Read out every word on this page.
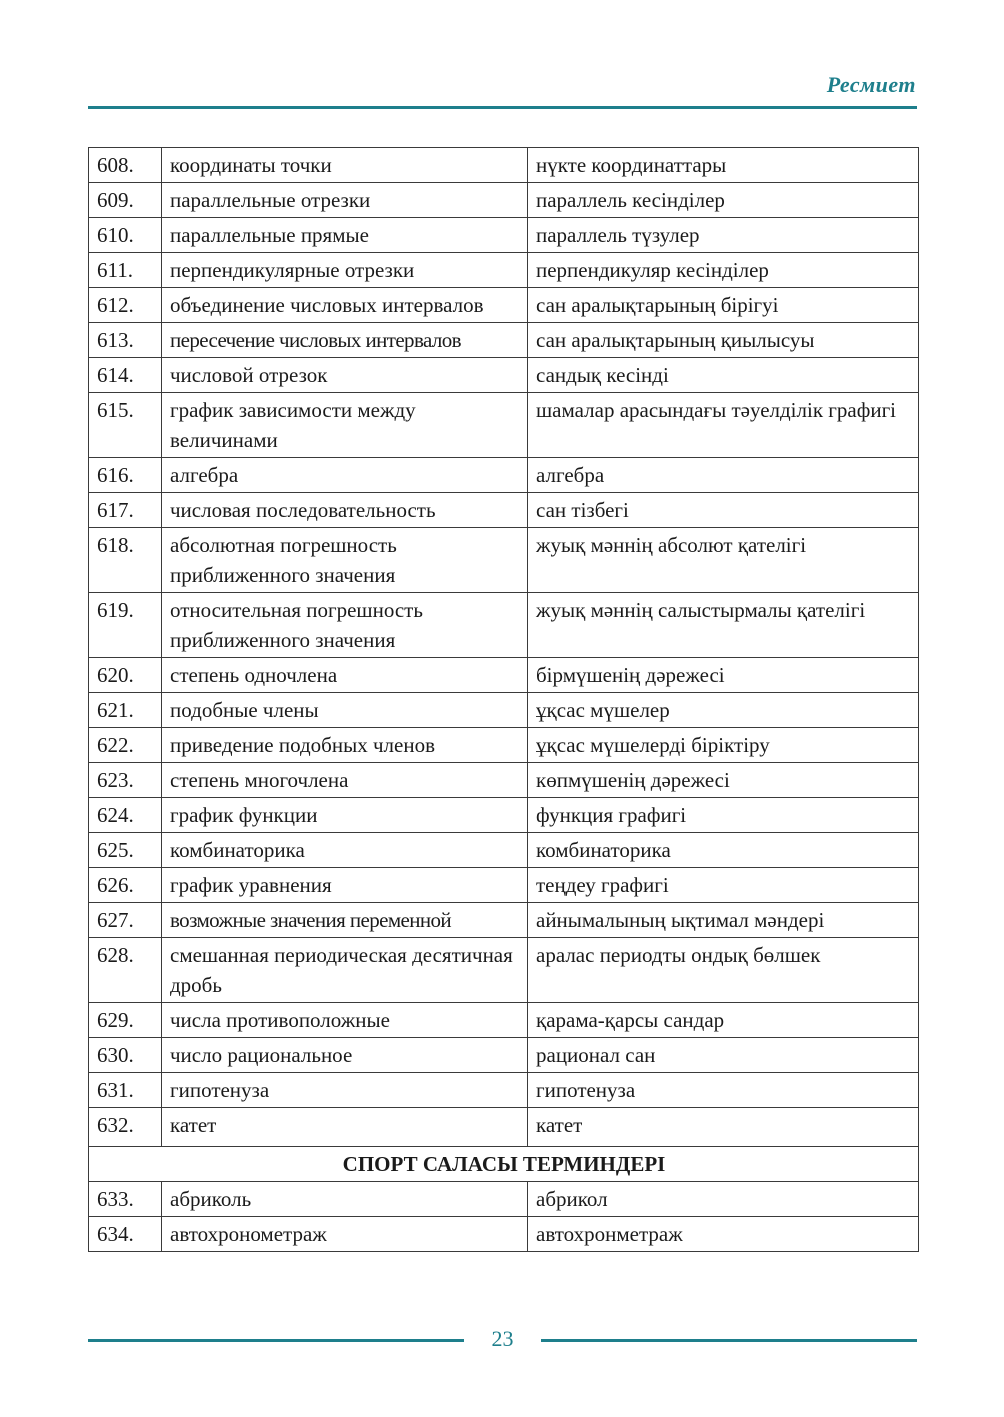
Ресмиет
608.	координаты точки	нүкте координаттары
609.	параллельные отрезки	параллель кесінділер
610.	параллельные прямые	параллель түзулер
611.	перпендикулярные отрезки	перпендикуляр кесінділер
612.	объединение числовых интервалов	сан аралықтарының бірігуі
613.	пересечение числовых интервалов	сан аралықтарының қиылысуы
614.	числовой отрезок	сандық кесінді
615.	график зависимости между величинами	шамалар арасындағы тәуелділік графигі
616.	алгебра	алгебра
617.	числовая последовательность	сан тізбегі
618.	абсолютная погрешность приближенного значения	жуық мәннің абсолют қателігі
619.	относительная погрешность приближенного значения	жуық мәннің салыстырмалы қателігі
620.	степень одночлена	бірмүшенің дәрежесі
621.	подобные члены	ұқсас мүшелер
622.	приведение подобных членов	ұқсас мүшелерді біріктіру
623.	степень многочлена	көпмүшенің дәрежесі
624.	график функции	функция графигі
625.	комбинаторика	комбинаторика
626.	график уравнения	теңдеу графигі
627.	возможные значения переменной	айнымалының ықтимал мәндері
628.	смешанная периодическая десятичная дробь	аралас периодты ондық бөлшек
629.	числа противоположные	қарама-қарсы сандар
630.	число рациональное	рационал сан
631.	гипотенуза	гипотенуза
632.	катет	катет
СПОРТ САЛАСЫ ТЕРМИНДЕРІ		
633.	абриколь	абрикол
634.	автохронометраж	автохронметраж
23
